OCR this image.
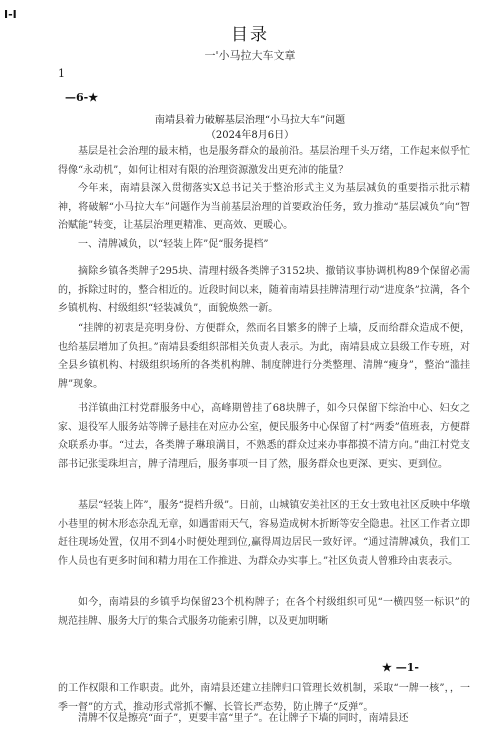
I-I
目录
一'小马拉大车文章
1
—6-★
南靖县着力破解基层治理“小马拉大车”问题
（2024年8月6日）

基层是社会治理的最末梢，也是服务群众的最前沿。基层治理千头万绪，工作起来似乎忙得像“永动机”，如何让相对有限的治理资源激发出更充沛的能量？

今年来，南靖县深入贯彻落实X总书记关于整治形式主义为基层减负的重要指示批示精神，将破解“小马拉大车”问题作为当前基层治理的首要政治任务，致力推动“基层减负”向“智治赋能”转变，让基层治理更精准、更高效、更暖心。

一、清牌减负，以“轻装上阵”促“服务提档”

摘除乡镇各类牌子295块、清理村级各类牌子3152块、撤销议事协调机构89个保留必需的，拆除过时的，整合相近的。近段时间以来，随着南靖县挂牌清理行动“进度条”拉满，各个乡镇机构、村级组织“轻装减负”，面貌焕然一新。

“挂牌的初衷是亮明身份、方便群众，然而名目繁多的牌子上墙，反而给群众造成不便，也给基层增加了负担。”南靖县委组织部相关负责人表示。为此，南靖县成立县级工作专班，对全县乡镇机构、村级组织场所的各类机构牌、制度牌进行分类整理、清牌“瘦身”，整治“滥挂牌”现象。

书洋镇曲江村党群服务中心，高峰期曾挂了68块牌子，如今只保留下综治中心、妇女之家、退役军人服务站等牌子悬挂在对应办公室，便民服务中心保留了村“两委”值班表，方便群众联系办事。“过去，各类牌子琳琅满目，不熟悉的群众过来办事都摸不清方向。”曲江村党支部书记张雯珠坦言，牌子清理后，服务事项一目了然，服务群众也更深、更实、更到位。

基层“轻装上阵”，服务“提档升级”。日前，山城镇安美社区的王女士致电社区反映中华墩小巷里的树木形态杂乱无章，如遇雷雨天气，容易造成树木折断等安全隐患。社区工作者立即赶往现场处置，仅用不到4小时便处理到位,赢得周边居民一致好评。“通过清牌减负，我们工作人员也有更多时间和精力用在工作推进、为群众办实事上。”社区负责人曾雅玲由衷表示。

如今，南靖县的乡镇乎均保留23个机构牌子；在各个村级组织可见“一横四竖一标识”的规范挂牌、服务大厅的集合式服务功能索引牌，以及更加明晰

★ —1-

的工作权限和工作职责。此外，南靖县还建立挂牌归口管理长效机制，采取“一牌一核”，，一季一督”的方式，推动形式常抓不懈、长管长严态势，防止牌子“反弹”。

清牌不仅是擦亮“面子”，更要丰富“里子”。在让牌子下墙的同时，南靖县还
